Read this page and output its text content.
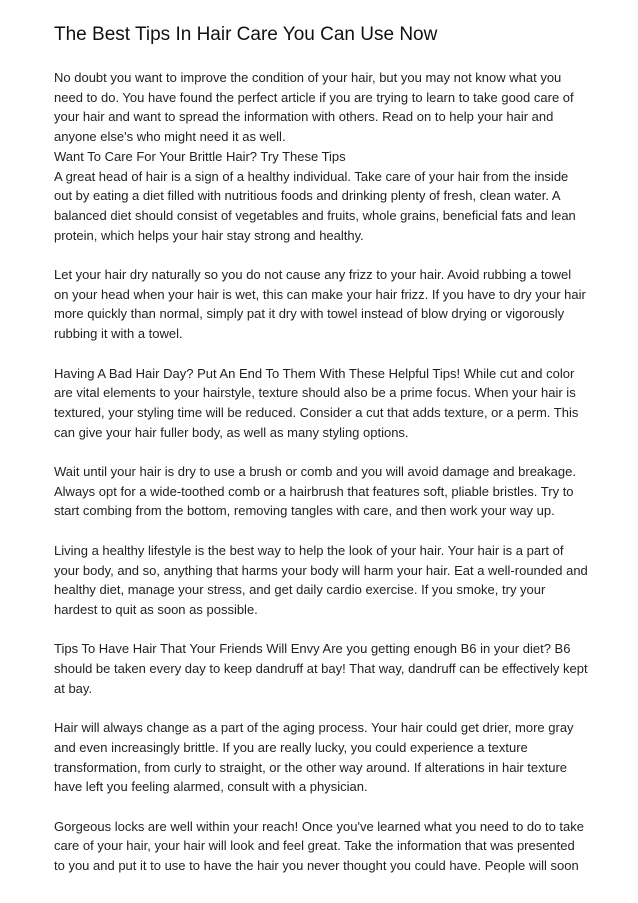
The Best Tips In Hair Care You Can Use Now

No doubt you want to improve the condition of your hair, but you may not know what you
need to do. You have found the perfect article if you are trying to learn to take good care of
your hair and want to spread the information with others. Read on to help your hair and
anyone else's who might need it as well.
Want To Care For Your Brittle Hair? Try These Tips
A great head of hair is a sign of a healthy individual. Take care of your hair from the inside
out by eating a diet filled with nutritious foods and drinking plenty of fresh, clean water. A
balanced diet should consist of vegetables and fruits, whole grains, beneficial fats and lean
protein, which helps your hair stay strong and healthy.

Let your hair dry naturally so you do not cause any frizz to your hair. Avoid rubbing a towel
on your head when your hair is wet, this can make your hair frizz. If you have to dry your hair
more quickly than normal, simply pat it dry with towel instead of blow drying or vigorously
rubbing it with a towel.

Having A Bad Hair Day? Put An End To Them With These Helpful Tips! While cut and color
are vital elements to your hairstyle, texture should also be a prime focus. When your hair is
textured, your styling time will be reduced. Consider a cut that adds texture, or a perm. This
can give your hair fuller body, as well as many styling options.

Wait until your hair is dry to use a brush or comb and you will avoid damage and breakage.
Always opt for a wide-toothed comb or a hairbrush that features soft, pliable bristles. Try to
start combing from the bottom, removing tangles with care, and then work your way up.

Living a healthy lifestyle is the best way to help the look of your hair. Your hair is a part of
your body, and so, anything that harms your body will harm your hair. Eat a well-rounded and
healthy diet, manage your stress, and get daily cardio exercise. If you smoke, try your
hardest to quit as soon as possible.

Tips To Have Hair That Your Friends Will Envy Are you getting enough B6 in your diet? B6
should be taken every day to keep dandruff at bay! That way, dandruff can be effectively kept
at bay.

Hair will always change as a part of the aging process. Your hair could get drier, more gray
and even increasingly brittle. If you are really lucky, you could experience a texture
transformation, from curly to straight, or the other way around. If alterations in hair texture
have left you feeling alarmed, consult with a physician.

Gorgeous locks are well within your reach! Once you've learned what you need to do to take
care of your hair, your hair will look and feel great. Take the information that was presented
to you and put it to use to have the hair you never thought you could have. People will soon
